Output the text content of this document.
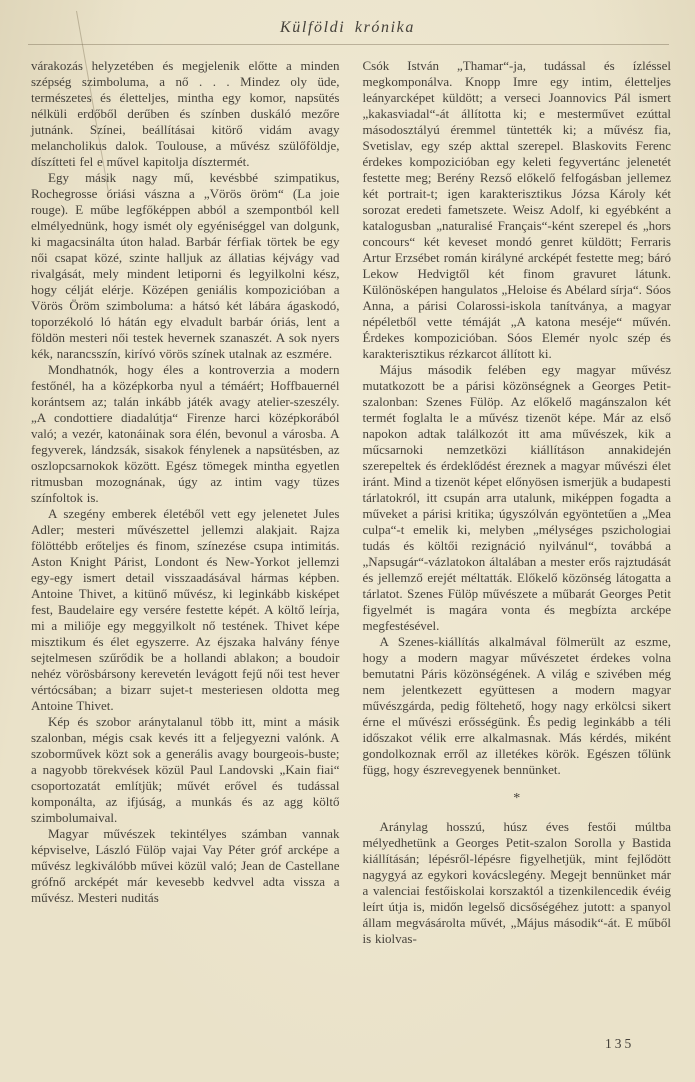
Külföldi krónika

várakozás helyzetében és megjelenik előtte a minden szépség szimboluma, a nő . . . Mindez oly üde, természetes és életteljes, mintha egy komor, napsütés nélküli erdőből derűben és színben duskáló mezőre jutnánk. Színei, beállításai kitörő vidám avagy melancholikus dalok. Toulouse, a művész szülőföldje, díszítteti fel e művel kapitolja dísztermét.

Egy másik nagy mű, kevésbbé szimpatikus, Rochegrosse óriási vászna a „Vörös öröm“ (La joie rouge). E műbe legfőképpen abból a szempontból kell elmélyednünk, hogy ismét oly egyéniséggel van dolgunk, ki magacsinálta úton halad. Barbár férfiak törtek be egy női csapat közé, szinte halljuk az állatias kéjvágy vad rivalgását, mely mindent letiporni és legyilkolni kész, hogy célját elérje. Középen geniális kompozicióban a Vörös Öröm szimboluma: a hátsó két lábára ágaskodó, toporzékoló ló hátán egy elvadult barbár óriás, lent a földön mesteri női testek hevernek szanaszét. A sok nyers kék, narancsszín, kirívó vörös színek utalnak az eszmére.

Mondhatnók, hogy éles a kontroverzia a modern festőnél, ha a középkorba nyul a témáért; Hoffbauernél korántsem az; talán inkább játék avagy atelier-szeszély. „A condottiere diadalútja“ Firenze harci középkorából való; a vezér, katonáinak sora élén, bevonul a városba. A fegyverek, lándzsák, sisakok fénylenek a napsütésben, az oszlopcsarnokok között. Egész tömegek mintha egyetlen ritmusban mozognának, úgy az intim vagy tüzes színfoltok is.

A szegény emberek életéből vett egy jelenetet Jules Adler; mesteri művészettel jellemzi alakjait. Rajza fölöttébb erőteljes és finom, színezése csupa intimitás. Aston Knight Párist, Londont és New-Yorkot jellemzi egy-egy ismert detail visszaadásával hármas képben. Antoine Thivet, a kitünő művész, ki leginkább kisképet fest, Baudelaire egy versére festette képét. A költő leírja, mi a miliője egy meggyilkolt nő testének. Thivet képe misztikum és élet egyszerre. Az éjszaka halvány fénye sejtelmesen szűrődik be a hollandi ablakon; a boudoir nehéz vörösbársony kerevetén levágott fejű női test hever vértócsában; a bizarr sujet-t mesteriesen oldotta meg Antoine Thivet.

Kép és szobor aránytalanul több itt, mint a másik szalonban, mégis csak kevés itt a feljegyezni valónk. A szoborművek közt sok a generális avagy bourgeois-buste; a nagyobb törekvések közül Paul Landovski „Kain fiai“ csoportozatát említjük; művét erővel és tudással komponálta, az ifjúság, a munkás és az agg költő szimbolumaival.

Magyar művészek tekintélyes számban vannak képviselve, László Fülöp vajai Vay Péter gróf arcképe a művész legkiválóbb művei közül való; Jean de Castellane grófnő arcképét már kevesebb kedvvel adta vissza a művész. Mesteri nuditás

Csók István „Thamar“-ja, tudással és ízléssel megkomponálva. Knopp Imre egy intim, életteljes leányarcképet küldött; a verseci Joannovics Pál ismert „kakasviadal“-át állította ki; e mesterművet ezúttal másodosztályú éremmel tüntették ki; a művész fia, Svetislav, egy szép akttal szerepel. Blaskovits Ferenc érdekes kompozicióban egy keleti fegyvertánc jelenetét festette meg; Berény Rezső előkelő felfogásban jellemez két portrait-t; igen karakterisztikus Józsa Károly két sorozat eredeti fametszete. Weisz Adolf, ki egyébként a katalogusban „naturalisé Français“-ként szerepel és „hors concours“ két keveset mondó genret küldött; Ferraris Artur Erzsébet román királyné arcképét festette meg; báró Lekow Hedvigtől két finom gravuret látunk. Különösképen hangulatos „Heloise és Abélard sírja“. Sóos Anna, a párisi Colarossi-iskola tanítványa, a magyar népéletből vette témáját „A katona meséje“ művén. Érdekes kompozicióban. Sóos Elemér nyolc szép és karakterisztikus rézkarcot állított ki.

Május második felében egy magyar művész mutatkozott be a párisi közönségnek a Georges Petit-szalonban: Szenes Fülöp. Az előkelő magánszalon két termét foglalta le a művész tizenöt képe. Már az első napokon adtak találkozót itt ama művészek, kik a műcsarnoki nemzetközi kiállításon annakidején szerepeltek és érdeklődést éreznek a magyar művészi élet iránt. Mind a tizenöt képet előnyösen ismerjük a budapesti tárlatokról, itt csupán arra utalunk, miképpen fogadta a műveket a párisi kritika; úgyszólván egyöntetűen a „Mea culpa“-t emelik ki, melyben „mélységes pszichologiai tudás és költői rezignáció nyilvánul“, továbbá a „Napsugár“-vázlatokon általában a mester erős rajztudását és jellemző erejét méltatták. Előkelő közönség látogatta a tárlatot. Szenes Fülöp művészete a műbarát Georges Petit figyelmét is magára vonta és megbízta arcképe megfestésével.

A Szenes-kiállítás alkalmával fölmerült az eszme, hogy a modern magyar művészetet érdekes volna bemutatni Páris közönségének. A világ e szivében még nem jelentkezett együttesen a modern magyar művészgárda, pedig föltehető, hogy nagy erkölcsi sikert érne el művészi erősségünk. És pedig leginkább a téli időszakot vélik erre alkalmasnak. Más kérdés, miként gondolkoznak erről az illetékes körök. Egészen tőlünk függ, hogy észrevegyenek bennünket.

*

Aránylag hosszú, húsz éves festői múltba mélyedhetünk a Georges Petit-szalon Sorolla y Bastida kiállításán; lépésről-lépésre figyelhetjük, mint fejlődött nagygyá az egykori kovácslegény. Megejt bennünket már a valenciai festőiskolai korszaktól a tizenkilencedik évéig leírt útja is, midőn legelső dicsőségéhez jutott: a spanyol állam megvásárolta művét, „Május második“-át. E műből is kiolvas-

135
